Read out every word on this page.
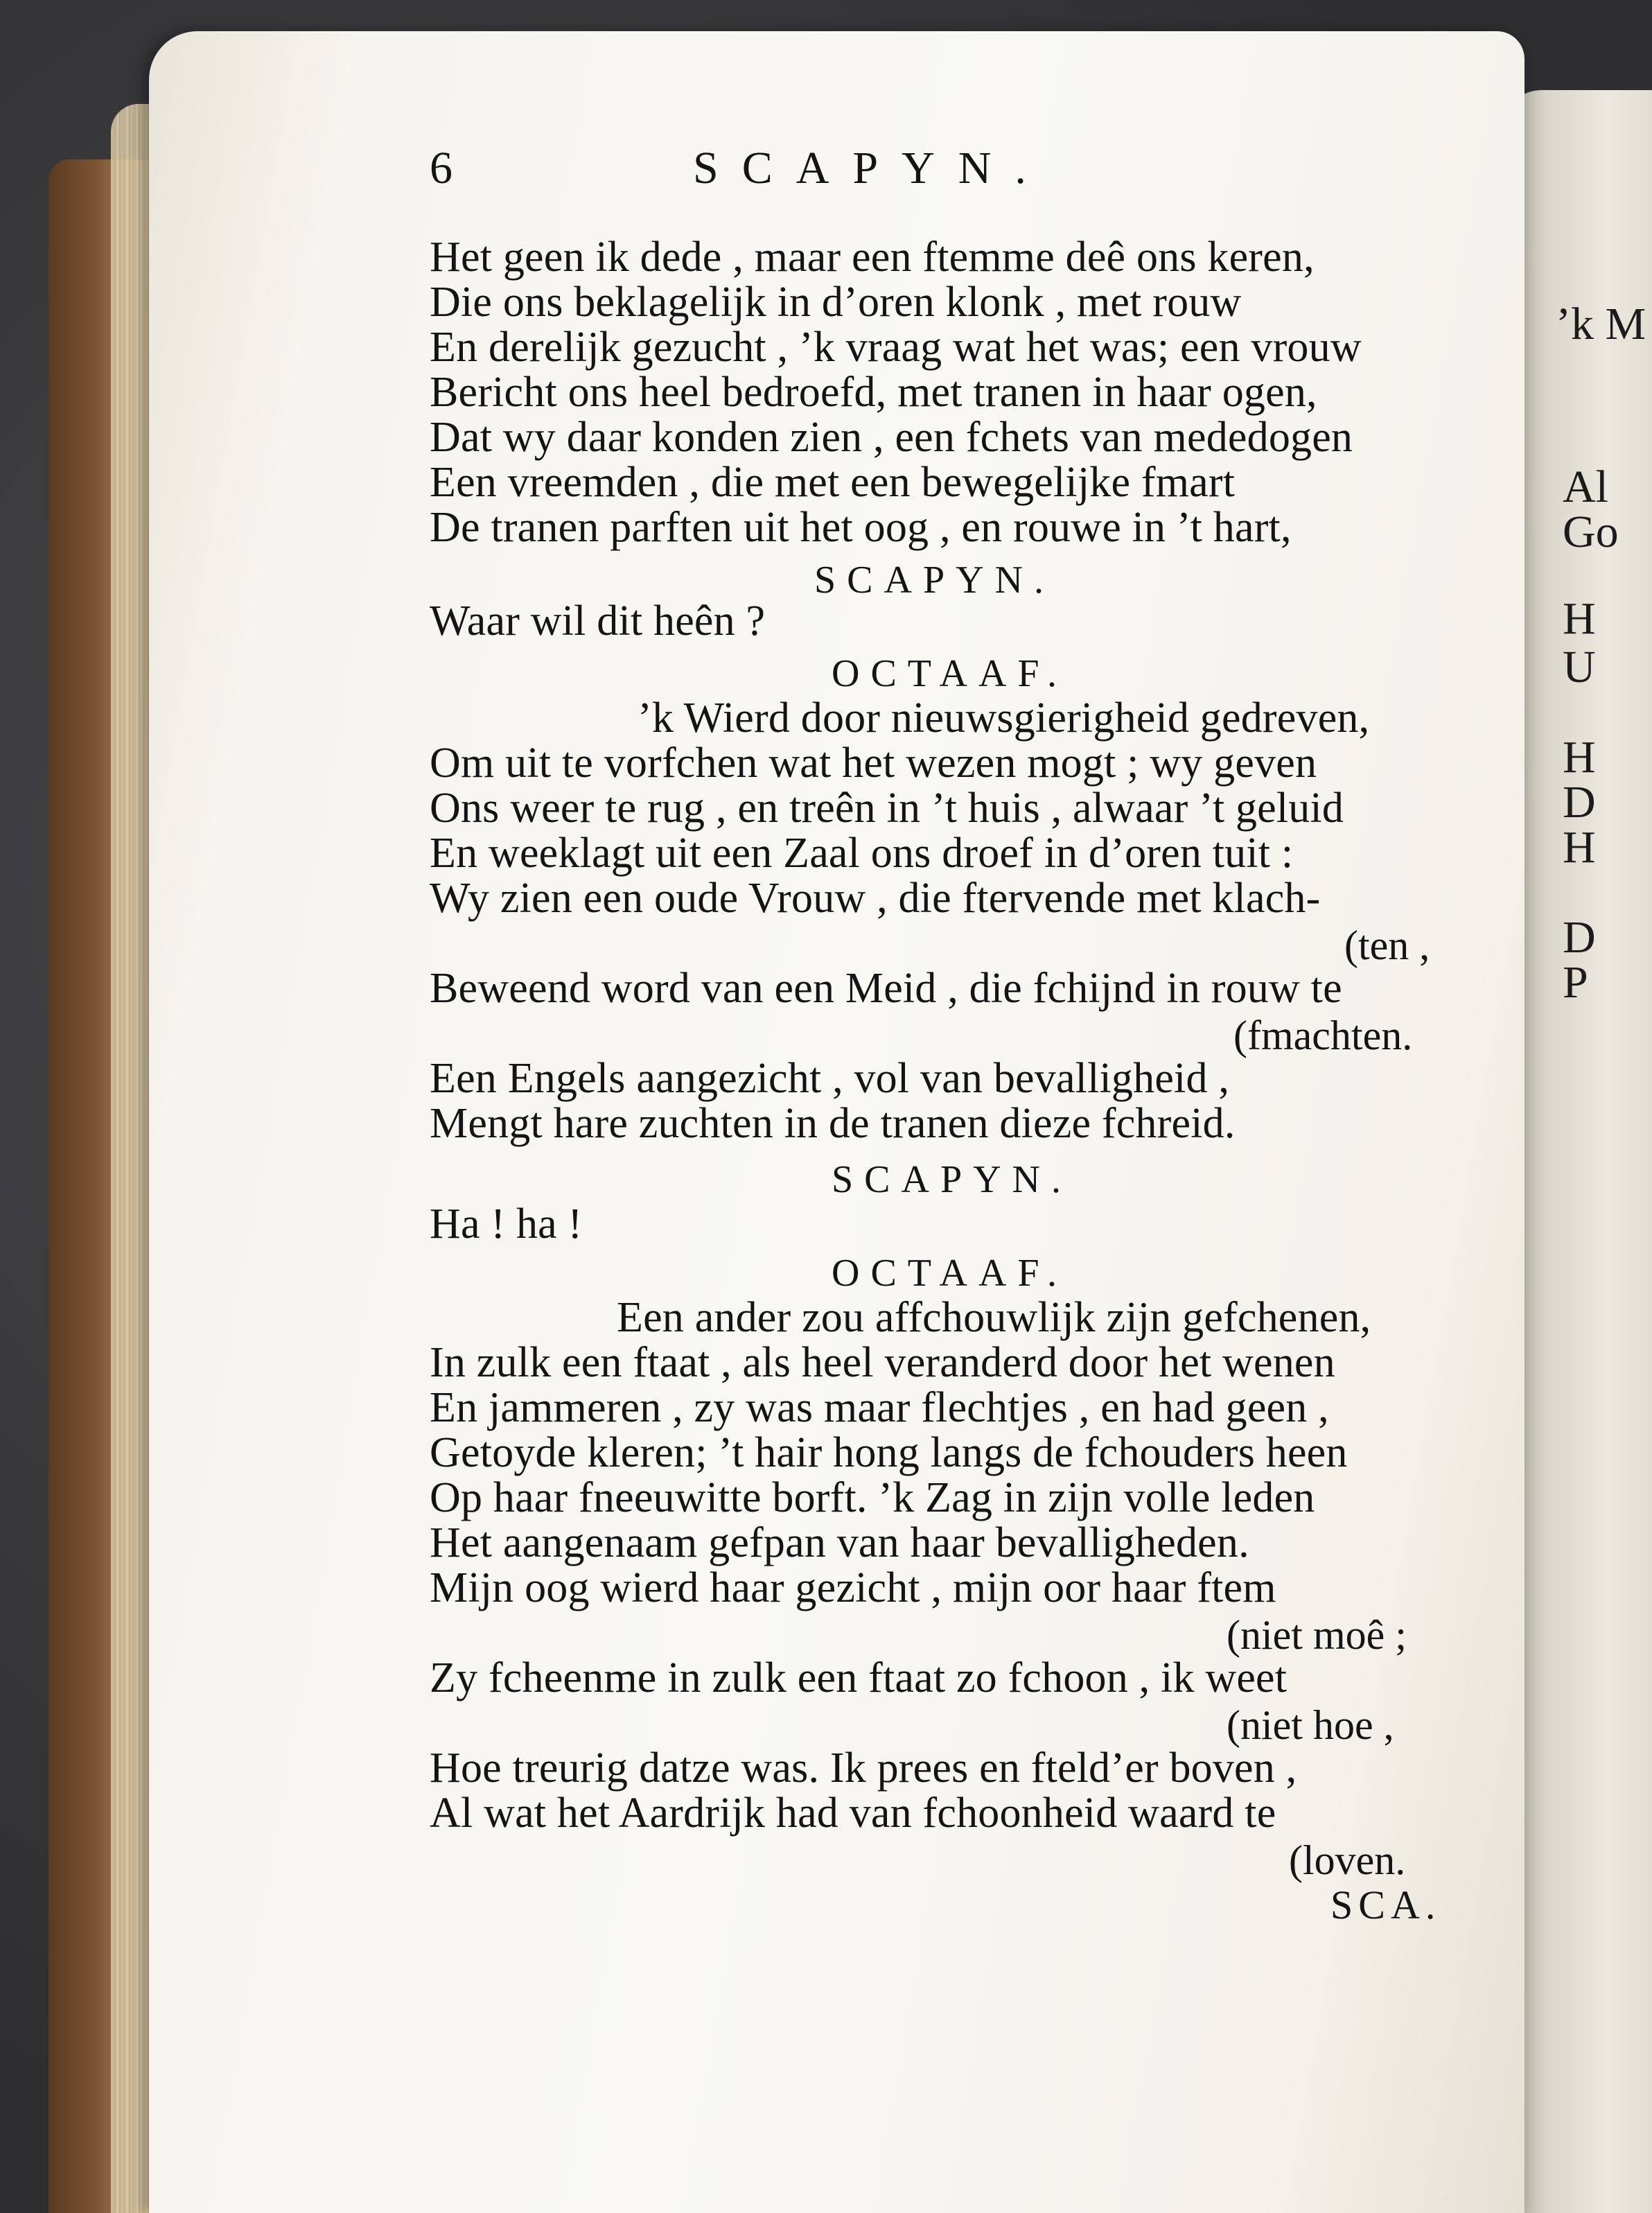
’k M
Al
Go
H
U
H
D
H
D
P
6	SCAPYN.
Het geen ik dede , maar een ftemme deê ons keren,
Die ons beklagelijk in d’oren klonk , met rouw
En derelijk gezucht , ’k vraag wat het was; een vrouw
Bericht ons heel bedroefd, met tranen in haar ogen,
Dat wy daar konden zien , een fchets van mededogen
Een vreemden , die met een bewegelijke fmart
De tranen parften uit het oog , en rouwe in ’t hart,
SCAPYN.
Waar wil dit heên ?
OCTAAF.
’k Wierd door nieuwsgierigheid gedreven,
Om uit te vorfchen wat het wezen mogt ; wy geven
Ons weer te rug , en treên in ’t huis , alwaar ’t geluid
En weeklagt uit een Zaal ons droef in d’oren tuit :
Wy zien een oude Vrouw , die ftervende met klach-
(ten ,
Beweend word van een Meid , die fchijnd in rouw te
(fmachten.
Een Engels aangezicht , vol van bevalligheid ,
Mengt hare zuchten in de tranen dieze fchreid.
SCAPYN.
Ha ! ha !
OCTAAF.
Een ander zou affchouwlijk zijn gefchenen,
In zulk een ftaat , als heel veranderd door het wenen
En jammeren , zy was maar flechtjes , en had geen ,
Getoyde kleren; ’t hair hong langs de fchouders heen
Op haar fneeuwitte borft. ’k Zag in zijn volle leden
Het aangenaam gefpan van haar bevalligheden.
Mijn oog wierd haar gezicht , mijn oor haar ftem
(niet moê ;
Zy fcheenme in zulk een ftaat zo fchoon , ik weet
(niet hoe ,
Hoe treurig datze was. Ik prees en fteld’er boven ,
Al wat het Aardrijk had van fchoonheid waard te
(loven.
SCA.
